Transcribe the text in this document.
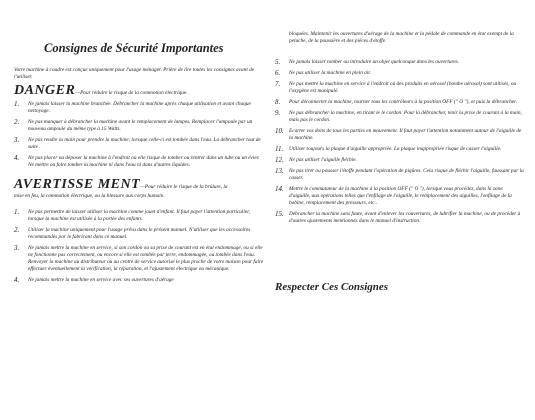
Consignes de Sécurité Importantes

Votre machine à coudre est conçue uniquement pour l'usage ménager. Prière de lire toutes les consignes avant de l'utiliser.

DANGER—Pour réduire le risque de la commotion électrique.
1. Ne jamais laisser la machine branchée. Débrancher la machine après chaque utilisation et avant chaque nettoyage.
2. Ne pas manquer à débrancher la machine avant le remplacement de lampes. Remplacer l'ampoule par un nouveau ampoule du même type à 15 Watts.
3. Ne pas rendre la main pour prendre la machine, lorsque celle-ci est tombée dans l'eau. La débrancher tout de suite .
4. Ne pas placer ou déposer la machine à l'endroit où elle risque de tomber ou rentrer dans un tube ou un évier.
Ne mettre ou faire tomber la machine ni dans l'eau ni dans d'autres liquides.
AVERTISSE MENT—Pour réduire le risque de la brûlure, la

mise en feu, la commotion électrique, ou la blessure aux corps humain.

1. Ne pas permettre de laisser utiliser la machine comme jouet d'enfant. Il faut payer l'attention particulier, lorsque la machine est utilisée à la portée des enfants.
2. Utiliser la machine uniquement pour l'usage prévu dans le présent manuel. N'utiliser que les accessoires recommandés par le fabricant dans ce manuel.
3. Ne jamais mettre la machine en service, si son cordon ou sa prise de courant est en état endommagé, ou si elle ne fonctionne pas correctement, ou encore si elle est tombée par terre, endommagée, ou tombée dans l'eau. Renvoyer la machine au distributeur ou au centre de service autorisé le plus proche de votre maison pour faire effectuer éventuellement la vérification, la réparation, et l'ajustement électrique ou mécanique.
4. Ne jamais mettre la machine en service avec ses ouvertures d'aérage

bloquées. Maintenir les ouvertures d'aérage de la machine et la pédale de commande en état exempt de la peluche, de la poussière et des pièces d'étoffe.

5. Ne jamais laisser tomber ou introduire un objet quelconque dans les ouvertures.
6. Ne pas utiliser la machine en plein air.
7. Ne pas mettre la machine en service à l'endroit où des produits en aérosol (bombe aérosol) sont utilisés, ou l'oxygène est manipulé.
8. Pour déconnecter la machine, tourner tous les contrôleurs à la position OFF (" O "), et puis la débrancher.
9. Ne pas débrancher la machine, en tirant le le cordon. Pour la débrancher, tenir la prise de courant à la main, mais pas le cordon.
10. Ecarter vos doits de tous les parties en mouvement. Il faut payer l'attention notamment autour de l'aiguille de la machine.
11. Utiliser toujours la plaque d'aiguille appropriée. La plaque inappropriée risque de casser l'aiguille.
12. Ne pas utiliser l'aiguille fléchie.
13. Ne pas tirer ou pousser l'étoffe pendant l'opération de piqûres. Cela risque de fléchir l'aiguille, faussant par la casser.
14. Mettre le commutateur de la machine à la position OFF (" O "), lorsque vous procédez, dans la zone d'aiguille, aux opérations telles que l'enfilage de l'aiguille, le remplacement des aiguilles, l'enfilage de la bobine, remplacement des presseurs, etc..
15. Débrancher la machine sans faute, avant d'enlever les couvertures, de lubrifier la machine, ou de procéder à d'autres ajustements mentionnés dans le manuel d'instruction.
Respecter Ces Consignes
